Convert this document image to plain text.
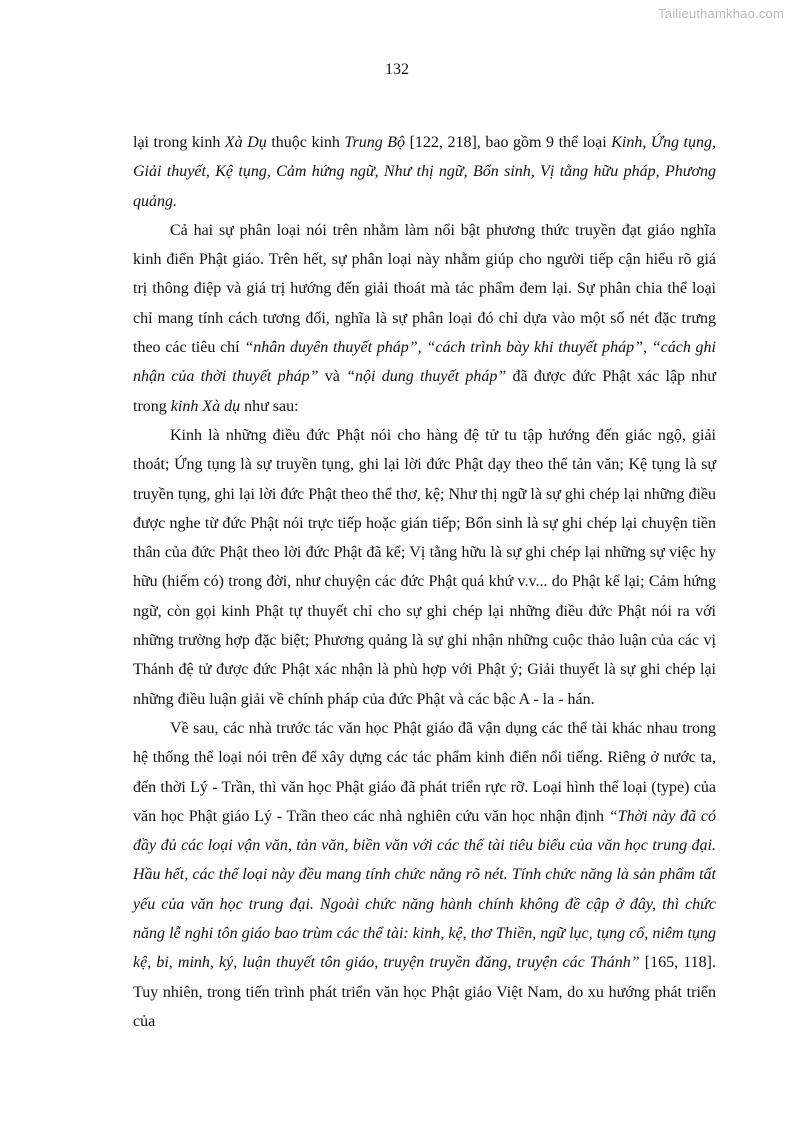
Tailieuthamkhao.com
132

lại trong kinh Xà Dụ thuộc kinh Trung Bộ [122, 218], bao gồm 9 thể loại Kinh, Ứng tụng, Giải thuyết, Kệ tụng, Cảm hứng ngữ, Như thị ngữ, Bổn sinh, Vị tằng hữu pháp, Phương quảng.

Cả hai sự phân loại nói trên nhằm làm nổi bật phương thức truyền đạt giáo nghĩa kinh điển Phật giáo. Trên hết, sự phân loại này nhằm giúp cho người tiếp cận hiểu rõ giá trị thông điệp và giá trị hướng đến giải thoát mà tác phẩm đem lại. Sự phân chia thể loại chỉ mang tính cách tương đối, nghĩa là sự phân loại đó chỉ dựa vào một số nét đặc trưng theo các tiêu chí “nhân duyên thuyết pháp”, “cách trình bày khi thuyết pháp”, “cách ghi nhận của thời thuyết pháp” và “nội dung thuyết pháp” đã được đức Phật xác lập như trong kinh Xà dụ như sau:

Kinh là những điều đức Phật nói cho hàng đệ tử tu tập hướng đến giác ngộ, giải thoát; Ứng tụng là sự truyền tụng, ghi lại lời đức Phật dạy theo thể tản văn; Kệ tụng là sự truyền tụng, ghi lại lời đức Phật theo thể thơ, kệ; Như thị ngữ là sự ghi chép lại những điều được nghe từ đức Phật nói trực tiếp hoặc gián tiếp; Bổn sinh là sự ghi chép lại chuyện tiền thân của đức Phật theo lời đức Phật đã kể; Vị tằng hữu là sự ghi chép lại những sự việc hy hữu (hiếm có) trong đời, như chuyện các đức Phật quá khứ v.v... do Phật kể lại; Cảm hứng ngữ, còn gọi kinh Phật tự thuyết chỉ cho sự ghi chép lại những điều đức Phật nói ra với những trường hợp đặc biệt; Phương quảng là sự ghi nhận những cuộc thảo luận của các vị Thánh đệ tử được đức Phật xác nhận là phù hợp với Phật ý; Giải thuyết là sự ghi chép lại những điều luận giải về chính pháp của đức Phật và các bậc A - la - hán.

Về sau, các nhà trước tác văn học Phật giáo đã vận dụng các thể tài khác nhau trong hệ thống thể loại nói trên để xây dựng các tác phẩm kinh điển nổi tiếng. Riêng ở nước ta, đến thời Lý - Trần, thì văn học Phật giáo đã phát triển rực rỡ. Loại hình thể loại (type) của văn học Phật giáo Lý - Trần theo các nhà nghiên cứu văn học nhận định “Thời này đã có đầy đủ các loại vận văn, tản văn, biền văn với các thể tài tiêu biểu của văn học trung đại. Hầu hết, các thể loại này đều mang tính chức năng rõ nét. Tính chức năng là sản phẩm tất yếu của văn học trung đại. Ngoài chức năng hành chính không đề cập ở đây, thì chức năng lễ nghi tôn giáo bao trùm các thể tài: kinh, kệ, thơ Thiền, ngữ lục, tụng cổ, niêm tụng kệ, bi, minh, ký, luận thuyết tôn giáo, truyện truyền đăng, truyện các Thánh” [165, 118]. Tuy nhiên, trong tiến trình phát triển văn học Phật giáo Việt Nam, do xu hướng phát triển của
